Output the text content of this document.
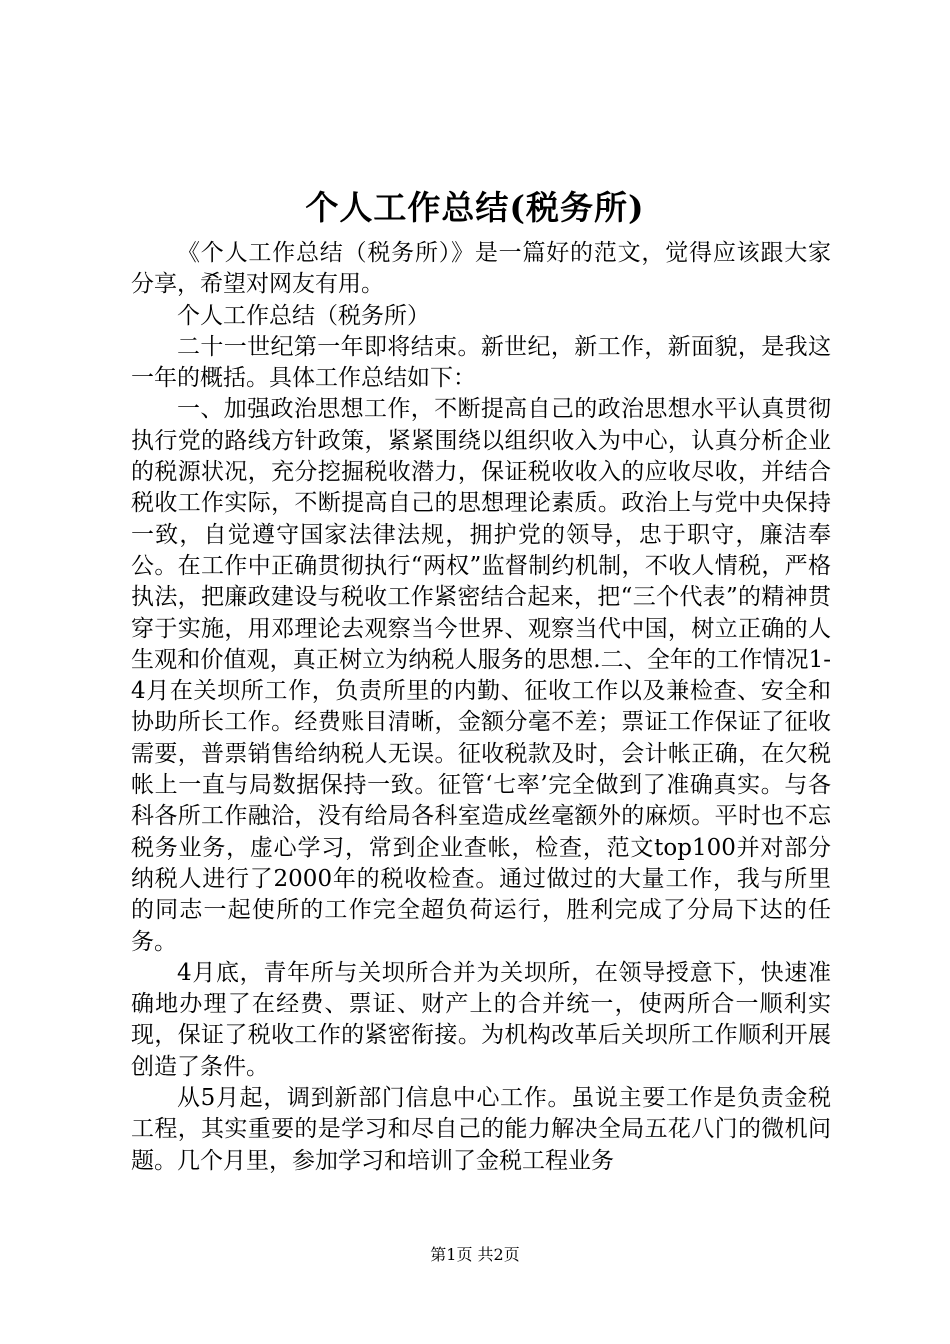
个人工作总结(税务所)

《个人工作总结（税务所）》是一篇好的范文，觉得应该跟大家分享，希望对网友有用。

个人工作总结（税务所）

二十一世纪第一年即将结束。新世纪，新工作，新面貌，是我这一年的概括。具体工作总结如下：

一、加强政治思想工作，不断提高自己的政治思想水平认真贯彻执行党的路线方针政策，紧紧围绕以组织收入为中心，认真分析企业的税源状况，充分挖掘税收潜力，保证税收收入的应收尽收，并结合税收工作实际，不断提高自己的思想理论素质。政治上与党中央保持一致，自觉遵守国家法律法规，拥护党的领导，忠于职守，廉洁奉公。在工作中正确贯彻执行“两权”监督制约机制，不收人情税，严格执法，把廉政建设与税收工作紧密结合起来，把“三个代表”的精神贯穿于实施，用邓理论去观察当今世界、观察当代中国，树立正确的人生观和价值观，真正树立为纳税人服务的思想.二、全年的工作情况1-4月在关坝所工作，负责所里的内勤、征收工作以及兼检查、安全和协助所长工作。经费账目清晰，金额分毫不差；票证工作保证了征收需要，普票销售给纳税人无误。征收税款及时，会计帐正确，在欠税帐上一直与局数据保持一致。征管‘七率’完全做到了准确真实。与各科各所工作融洽，没有给局各科室造成丝毫额外的麻烦。平时也不忘税务业务，虚心学习，常到企业查帐，检查，范文top100并对部分纳税人进行了2000年的税收检查。通过做过的大量工作，我与所里的同志一起使所的工作完全超负荷运行，胜利完成了分局下达的任务。

4月底，青年所与关坝所合并为关坝所，在领导授意下，快速准确地办理了在经费、票证、财产上的合并统一，使两所合一顺利实现，保证了税收工作的紧密衔接。为机构改革后关坝所工作顺利开展创造了条件。

从5月起，调到新部门信息中心工作。虽说主要工作是负责金税工程，其实重要的是学习和尽自己的能力解决全局五花八门的微机问题。几个月里，参加学习和培训了金税工程业务

第1页 共2页
